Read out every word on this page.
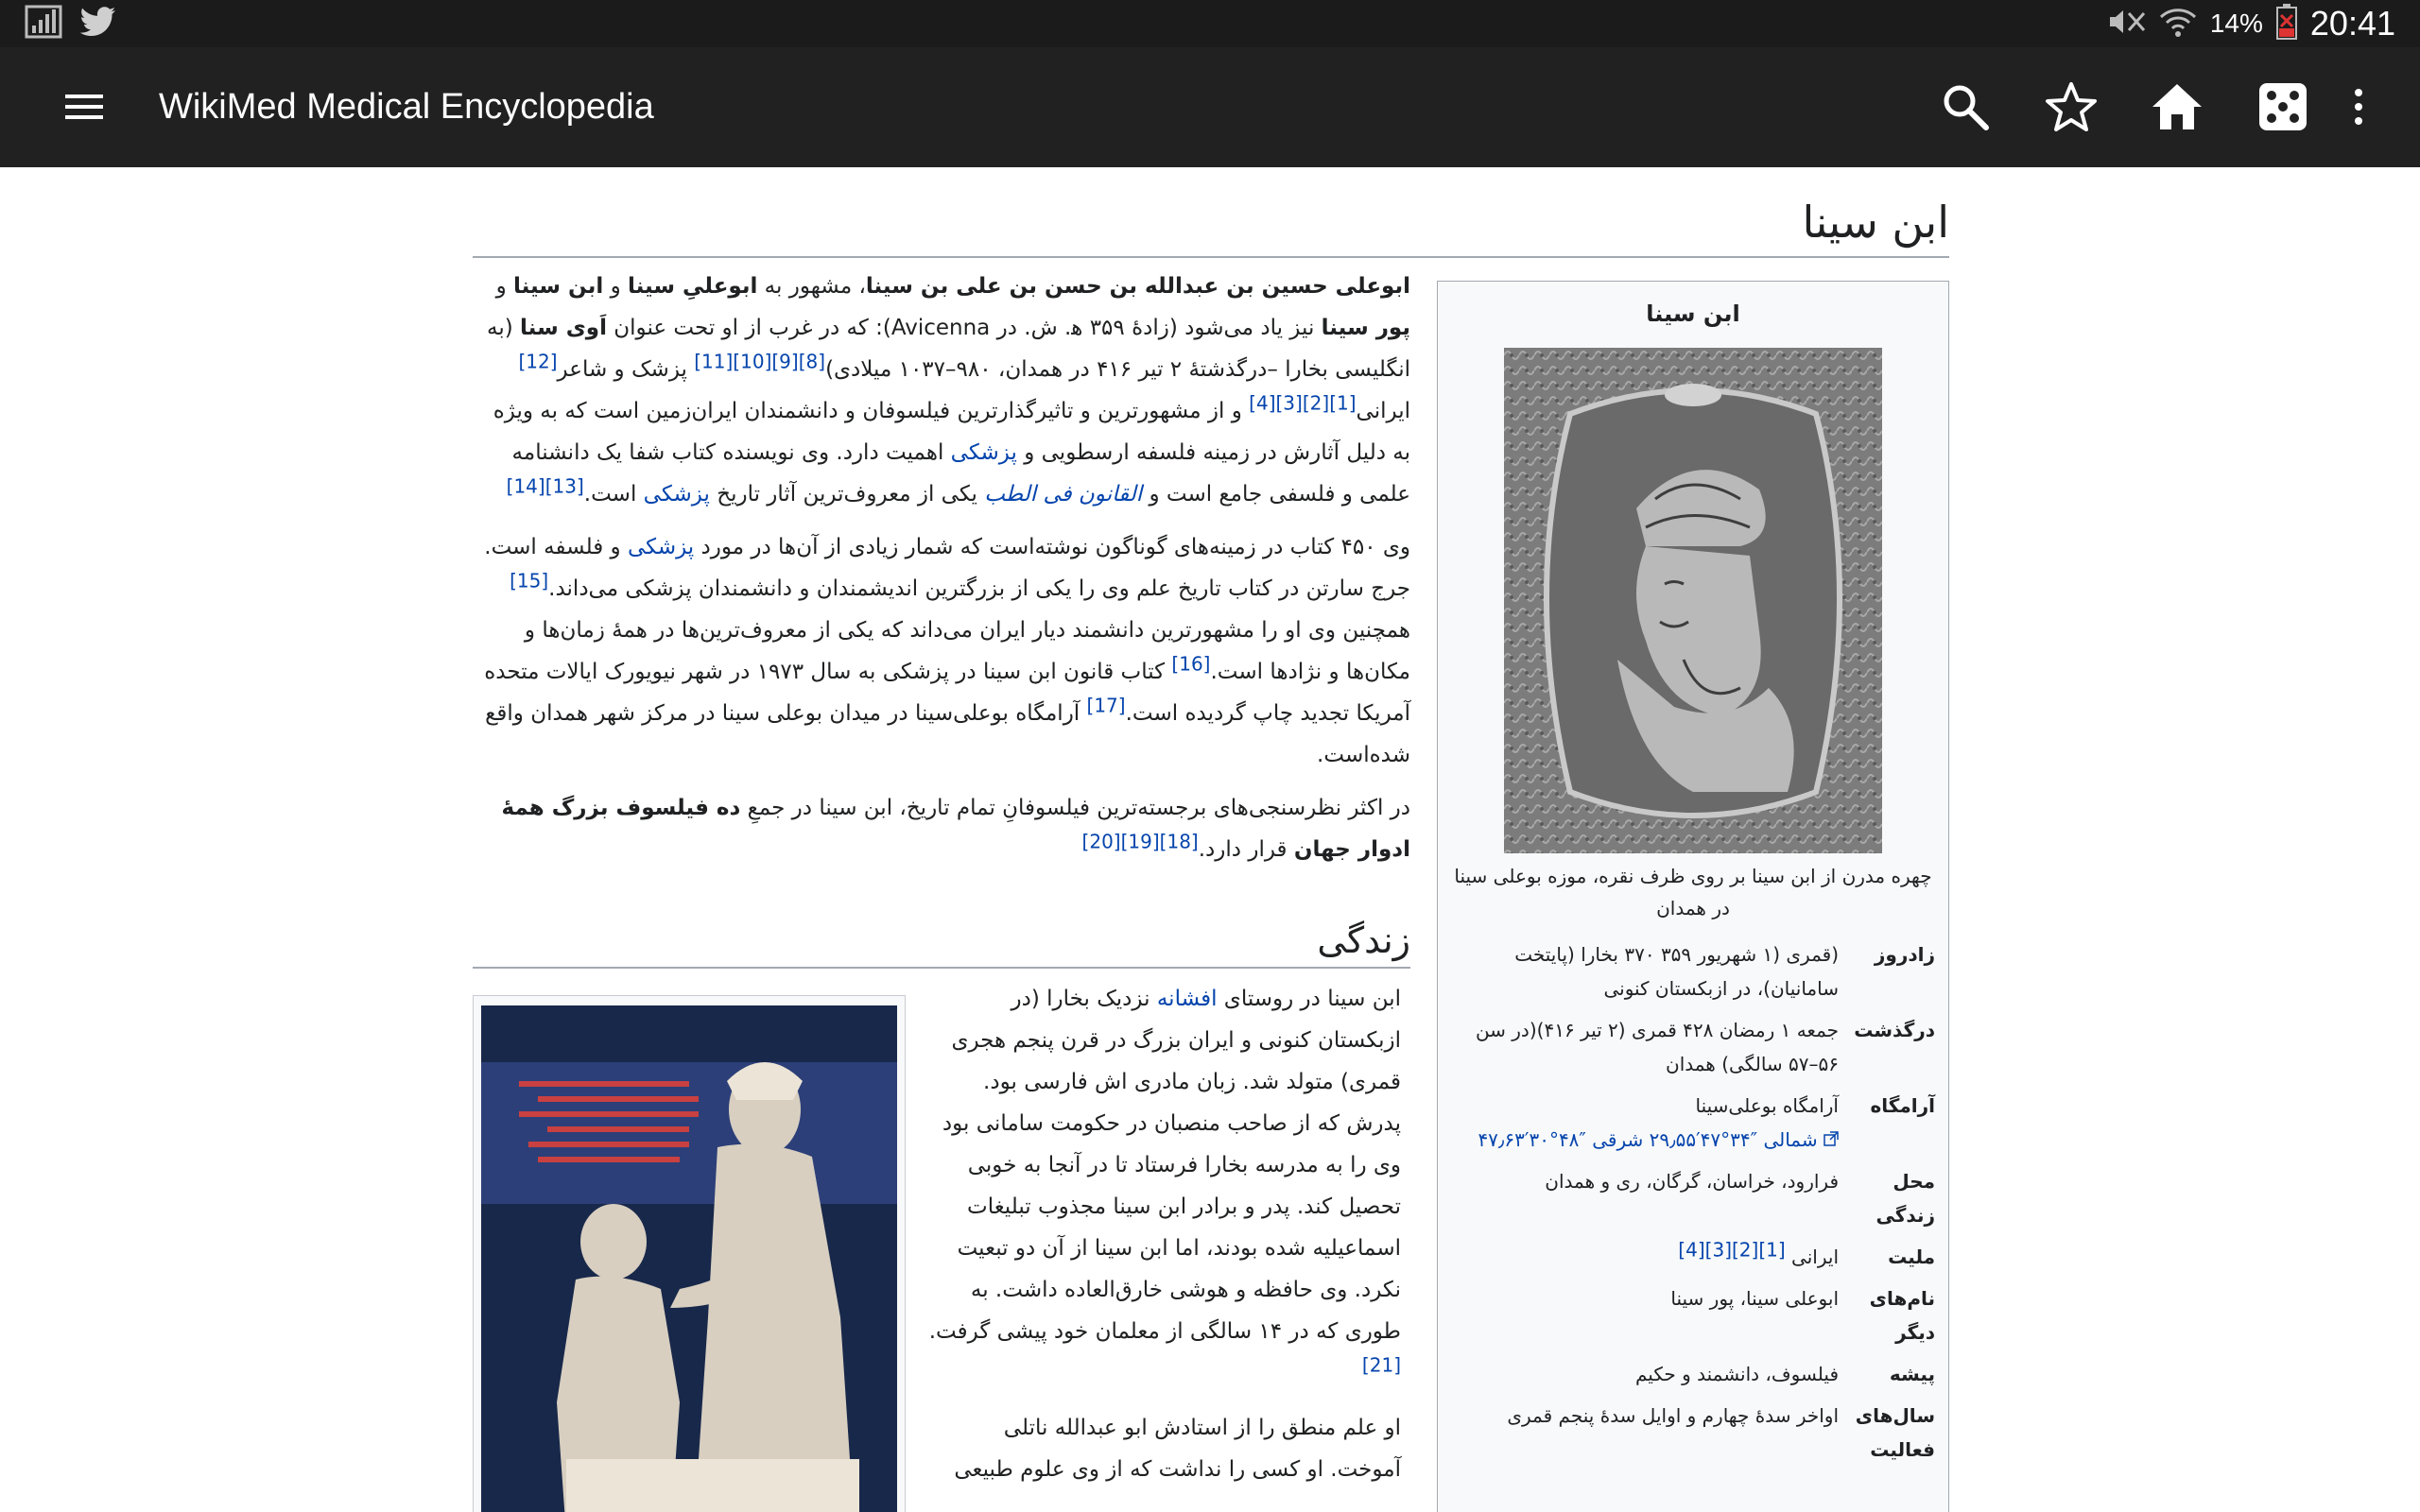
14% 20:41
WikiMed Medical Encyclopedia
ابن سینا

ابوعلی حسین بن عبدالله بن حسن بن علی بن سینا، مشهور به ابوعلیِ سینا و ابن سینا و پور سینا نیز یاد می‌شود (زادهٔ ۳۵۹ ه‍. ش. در Avicenna): که در غرب از او تحت عنوان اَوی سنا (به انگلیسی بخارا –درگذشتهٔ ۲ تیر ۴۱۶ در همدان، ۹۸۰–۱۰۳۷ میلادی)[8][9][10][11] پزشک و شاعر[12] ایرانی[1][2][3][4] و از مشهورترین و تاثیرگذارترین فیلسوفان و دانشمندان ایران‌زمین است که به ویژه به دلیل آثارش در زمینه فلسفه ارسطویی و پزشکی اهمیت دارد. وی نویسنده کتاب شفا یک دانشنامه علمی و فلسفی جامع است و القانون فی الطب یکی از معروف‌ترین آثار تاریخ پزشکی است.[13][14]

وی ۴۵۰ کتاب در زمینه‌های گوناگون نوشته‌است که شمار زیادی از آن‌ها در مورد پزشکی و فلسفه است. جرج سارتن در کتاب تاریخ علم وی را یکی از بزرگترین اندیشمندان و دانشمندان پزشکی می‌داند.[15] همچنین وی او را مشهورترین دانشمند دیار ایران می‌داند که یکی از معروف‌ترین‌ها در همهٔ زمان‌ها و مکان‌ها و نژادها است.[16] کتاب قانون ابن سینا در پزشکی به سال ۱۹۷۳ در شهر نیویورک ایالات متحده آمریکا تجدید چاپ گردیده است.[17] آرامگاه بوعلی‌سینا در میدان بوعلی سینا در مرکز شهر همدان واقع شده‌است.

در اکثر نظرسنجی‌های برجسته‌ترین فیلسوفانِ تمام تاریخ، ابن سینا در جمعِ ده فیلسوف بزرگ همهٔ ادوار جهان قرار دارد.[18][19][20]

زندگی

ابن سینا در روستای افشانه نزدیک بخارا (در ازبکستان کنونی و ایران بزرگ در قرن پنجم هجری قمری) متولد شد. زبان مادری اش فارسی بود. پدرش که از صاحب منصبان در حکومت سامانی بود وی را به مدرسه بخارا فرستاد تا در آنجا به خوبی تحصیل کند. پدر و برادر ابن سینا مجذوب تبلیغات اسماعیلیه شده بودند، اما ابن سینا از آن دو تبعیت نکرد. وی حافظه و هوشی خارق‌العاده داشت. به طوری که در ۱۴ سالگی از معلمان خود پیشی گرفت.[21]

او علم منطق را از استادش ابو عبدالله ناتلی آموخت. او کسی را نداشت که از وی علوم طبیعی

ابن سینا
چهره مدرن از ابن سینا بر روی ظرف نقره، موزه بوعلی سینا در همدان
زادروز
(قمری (۱ شهریور ۳۵۹ ۳۷۰ بخارا (پایتخت سامانیان)، در ازبکستان کنونی
درگذشت
جمعه ۱ رمضان ۴۲۸ قمری (۲ تیر ۴۱۶)(در سن ۵۶–۵۷ سالگی) همدان
آرامگاه
آرامگاه بوعلی‌سینا
شمالی ″۳۴°۴۷′۲۹٫۵۵ شرقی ″۴۸°۳۰′۴۷٫۶۳
محل زندگی
فرارود، خراسان، گرگان، ری و همدان
ملیت
ایرانی [1][2][3][4]
نام‌های دیگر
ابوعلی سینا، پور سینا
پیشه
فیلسوف، دانشمند و حکیم
سال‌های فعالیت
اواخر سدهٔ چهارم و اوایل سدهٔ پنجم قمری
